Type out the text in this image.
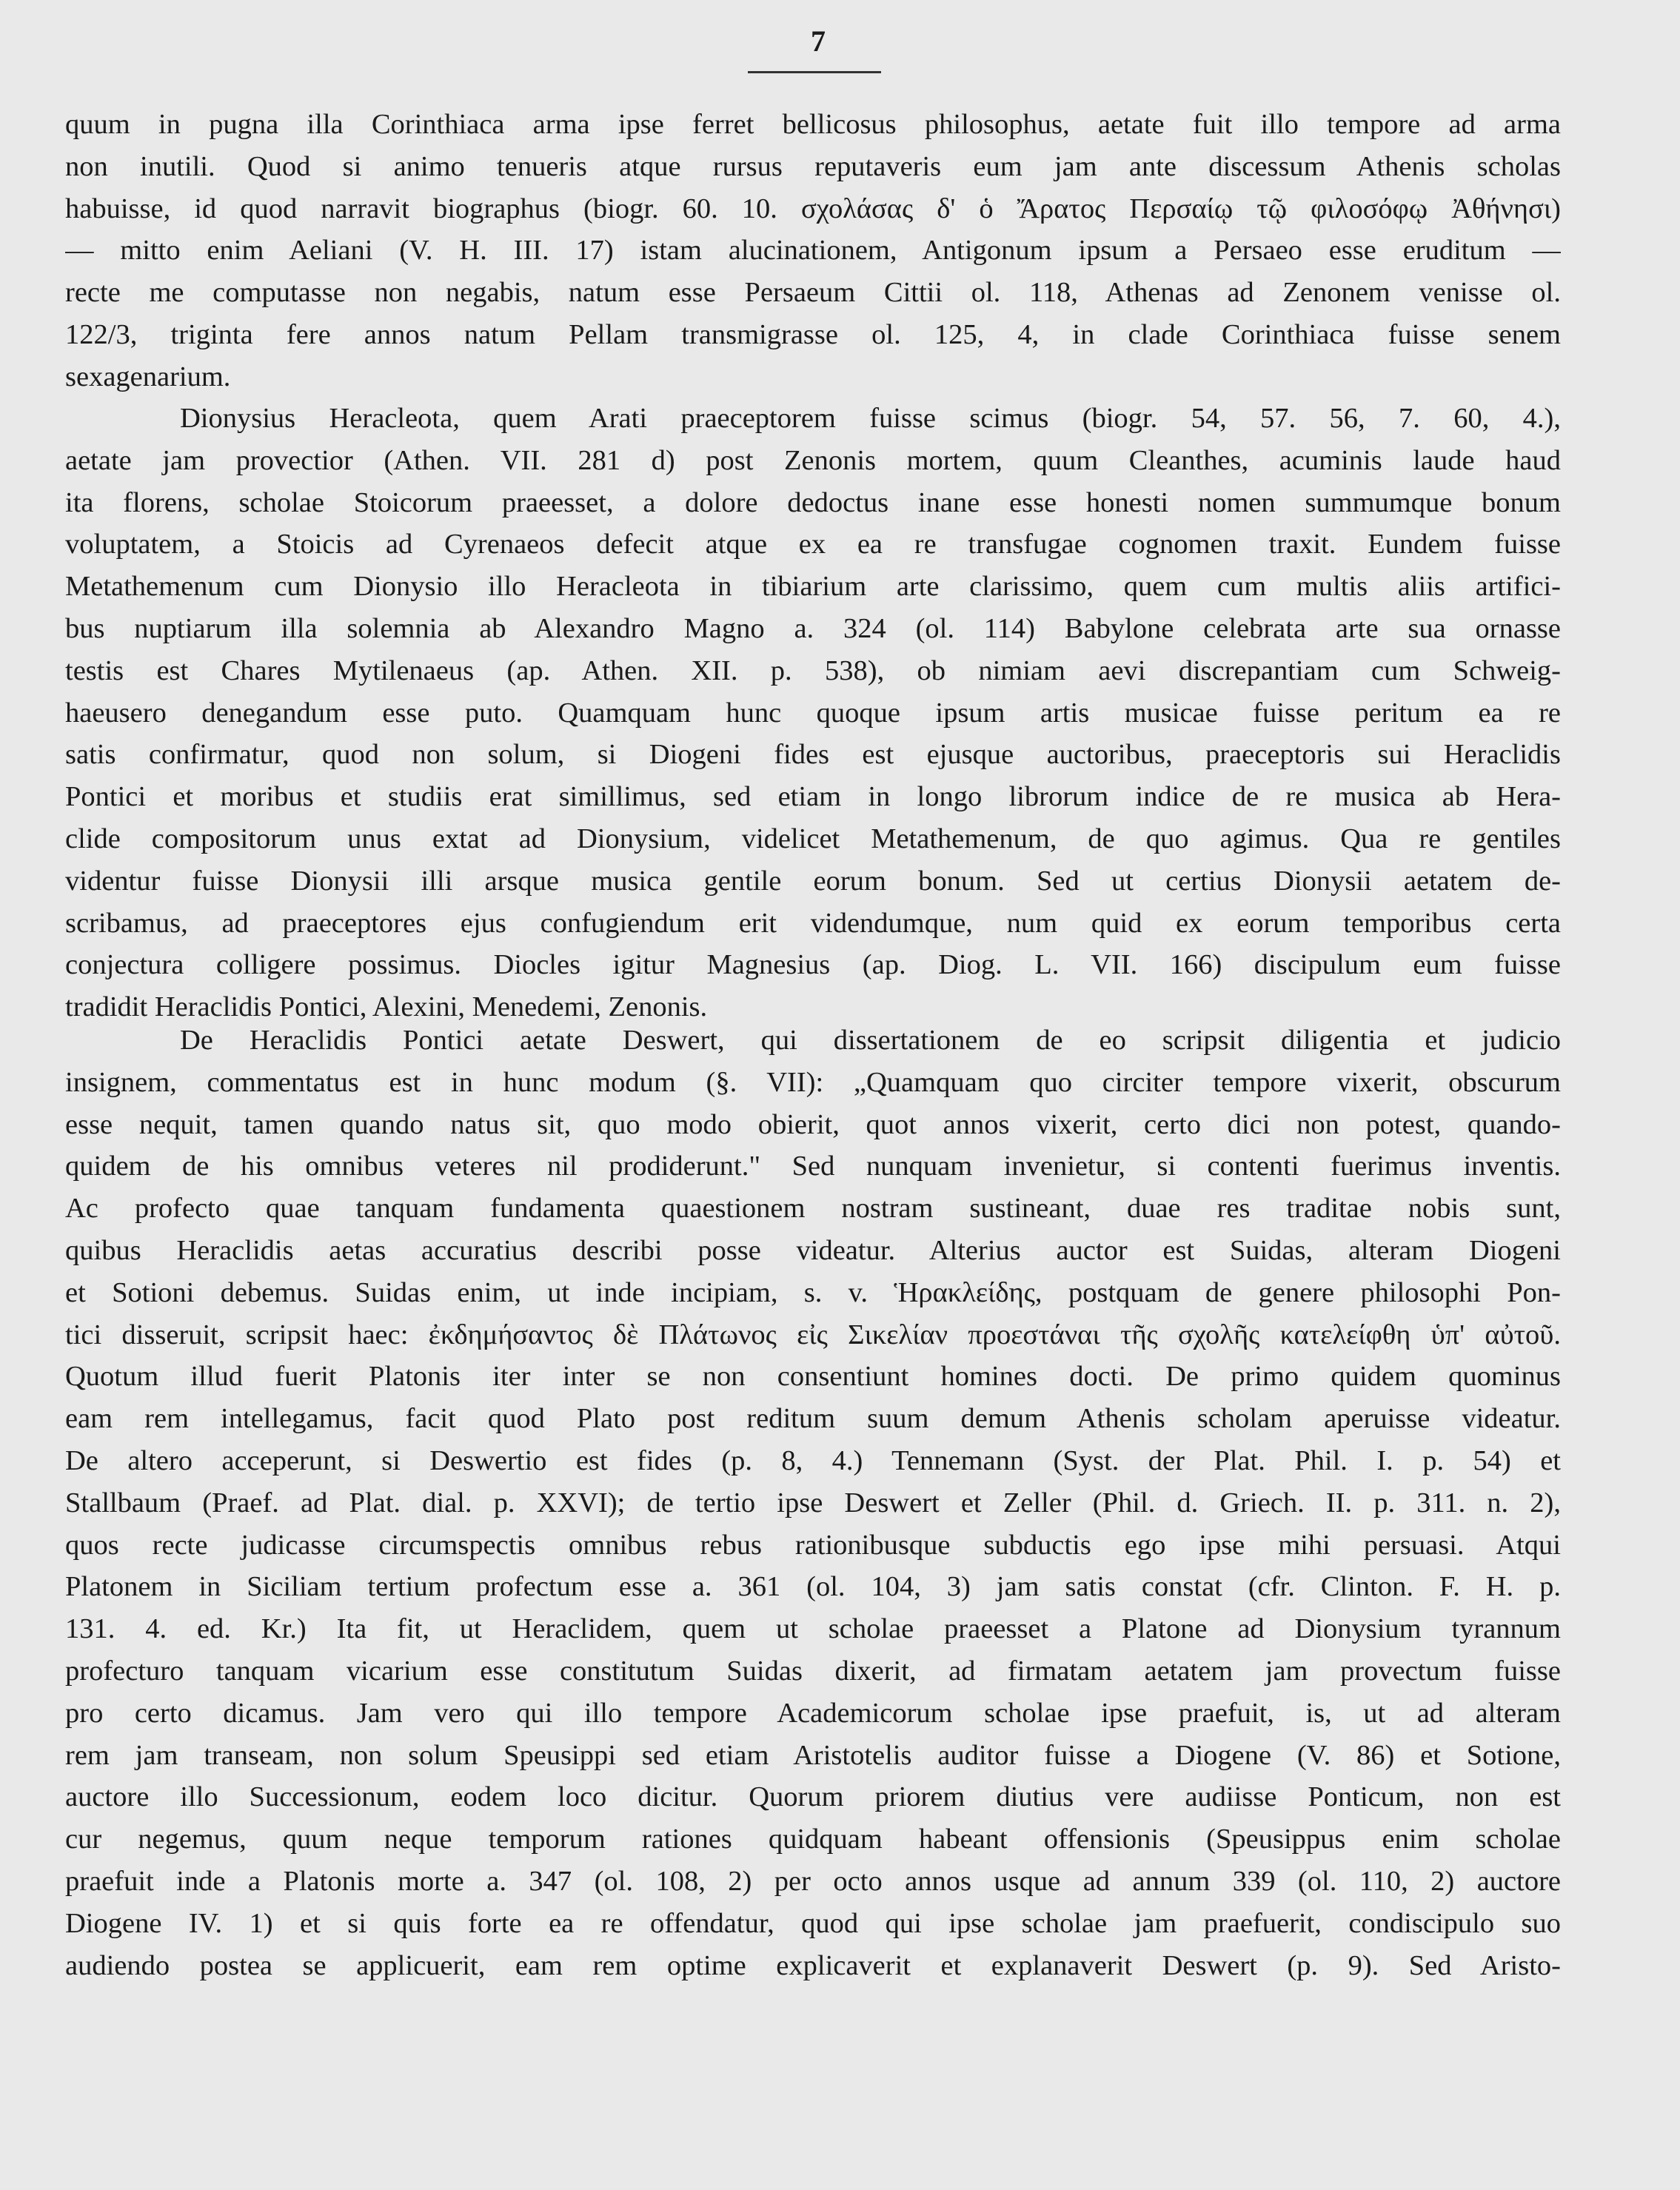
7
quum in pugna illa Corinthiaca arma ipse ferret bellicosus philosophus, aetate fuit illo tempore ad arma
non inutili. Quod si animo tenueris atque rursus reputaveris eum jam ante discessum Athenis scholas
habuisse, id quod narravit biographus (biogr. 60. 10. σχολάσας δ' ὁ Ἄρατος Περσαίῳ τῷ φιλοσόφῳ Ἀθήνησι)
— mitto enim Aeliani (V. H. III. 17) istam alucinationem, Antigonum ipsum a Persaeo esse eruditum —
recte me computasse non negabis, natum esse Persaeum Cittii ol. 118, Athenas ad Zenonem venisse ol.
122/3, triginta fere annos natum Pellam transmigrasse ol. 125, 4, in clade Corinthiaca fuisse senem
sexagenarium.
Dionysius Heracleota, quem Arati praeceptorem fuisse scimus (biogr. 54, 57. 56, 7. 60, 4.),
aetate jam provectior (Athen. VII. 281 d) post Zenonis mortem, quum Cleanthes, acuminis laude haud
ita florens, scholae Stoicorum praeesset, a dolore dedoctus inane esse honesti nomen summumque bonum
voluptatem, a Stoicis ad Cyrenaeos defecit atque ex ea re transfugae cognomen traxit. Eundem fuisse
Metathemenum cum Dionysio illo Heracleota in tibiarium arte clarissimo, quem cum multis aliis artifici-
bus nuptiarum illa solemnia ab Alexandro Magno a. 324 (ol. 114) Babylone celebrata arte sua ornasse
testis est Chares Mytilenaeus (ap. Athen. XII. p. 538), ob nimiam aevi discrepantiam cum Schweig-
haeusero denegandum esse puto. Quamquam hunc quoque ipsum artis musicae fuisse peritum ea re
satis confirmatur, quod non solum, si Diogeni fides est ejusque auctoribus, praeceptoris sui Heraclidis
Pontici et moribus et studiis erat simillimus, sed etiam in longo librorum indice de re musica ab Hera-
clide compositorum unus extat ad Dionysium, videlicet Metathemenum, de quo agimus. Qua re gentiles
videntur fuisse Dionysii illi arsque musica gentile eorum bonum. Sed ut certius Dionysii aetatem de-
scribamus, ad praeceptores ejus confugiendum erit videndumque, num quid ex eorum temporibus certa
conjectura colligere possimus. Diocles igitur Magnesius (ap. Diog. L. VII. 166) discipulum eum fuisse
tradidit Heraclidis Pontici, Alexini, Menedemi, Zenonis.
De Heraclidis Pontici aetate Deswert, qui dissertationem de eo scripsit diligentia et judicio
insignem, commentatus est in hunc modum (§. VII): „Quamquam quo circiter tempore vixerit, obscurum
esse nequit, tamen quando natus sit, quo modo obierit, quot annos vixerit, certo dici non potest, quando-
quidem de his omnibus veteres nil prodiderunt." Sed nunquam invenietur, si contenti fuerimus inventis.
Ac profecto quae tanquam fundamenta quaestionem nostram sustineant, duae res traditae nobis sunt,
quibus Heraclidis aetas accuratius describi posse videatur. Alterius auctor est Suidas, alteram Diogeni
et Sotioni debemus. Suidas enim, ut inde incipiam, s. v. Ἡρακλείδης, postquam de genere philosophi Pon-
tici disseruit, scripsit haec: ἐκδημήσαντος δὲ Πλάτωνος εἰς Σικελίαν προεστάναι τῆς σχολῆς κατελείφθη ὑπ' αὐτοῦ.
Quotum illud fuerit Platonis iter inter se non consentiunt homines docti. De primo quidem quominus
eam rem intellegamus, facit quod Plato post reditum suum demum Athenis scholam aperuisse videatur.
De altero acceperunt, si Deswertio est fides (p. 8, 4.) Tennemann (Syst. der Plat. Phil. I. p. 54) et
Stallbaum (Praef. ad Plat. dial. p. XXVI); de tertio ipse Deswert et Zeller (Phil. d. Griech. II. p. 311. n. 2),
quos recte judicasse circumspectis omnibus rebus rationibusque subductis ego ipse mihi persuasi. Atqui
Platonem in Siciliam tertium profectum esse a. 361 (ol. 104, 3) jam satis constat (cfr. Clinton. F. H. p.
131. 4. ed. Kr.) Ita fit, ut Heraclidem, quem ut scholae praeesset a Platone ad Dionysium tyrannum
profecturo tanquam vicarium esse constitutum Suidas dixerit, ad firmatam aetatem jam provectum fuisse
pro certo dicamus. Jam vero qui illo tempore Academicorum scholae ipse praefuit, is, ut ad alteram
rem jam transeam, non solum Speusippi sed etiam Aristotelis auditor fuisse a Diogene (V. 86) et Sotione,
auctore illo Successionum, eodem loco dicitur. Quorum priorem diutius vere audiisse Ponticum, non est
cur negemus, quum neque temporum rationes quidquam habeant offensionis (Speusippus enim scholae
praefuit inde a Platonis morte a. 347 (ol. 108, 2) per octo annos usque ad annum 339 (ol. 110, 2) auctore
Diogene IV. 1) et si quis forte ea re offendatur, quod qui ipse scholae jam praefuerit, condiscipulo suo
audiendo postea se applicuerit, eam rem optime explicaverit et explanaverit Deswert (p. 9). Sed Aristo-
